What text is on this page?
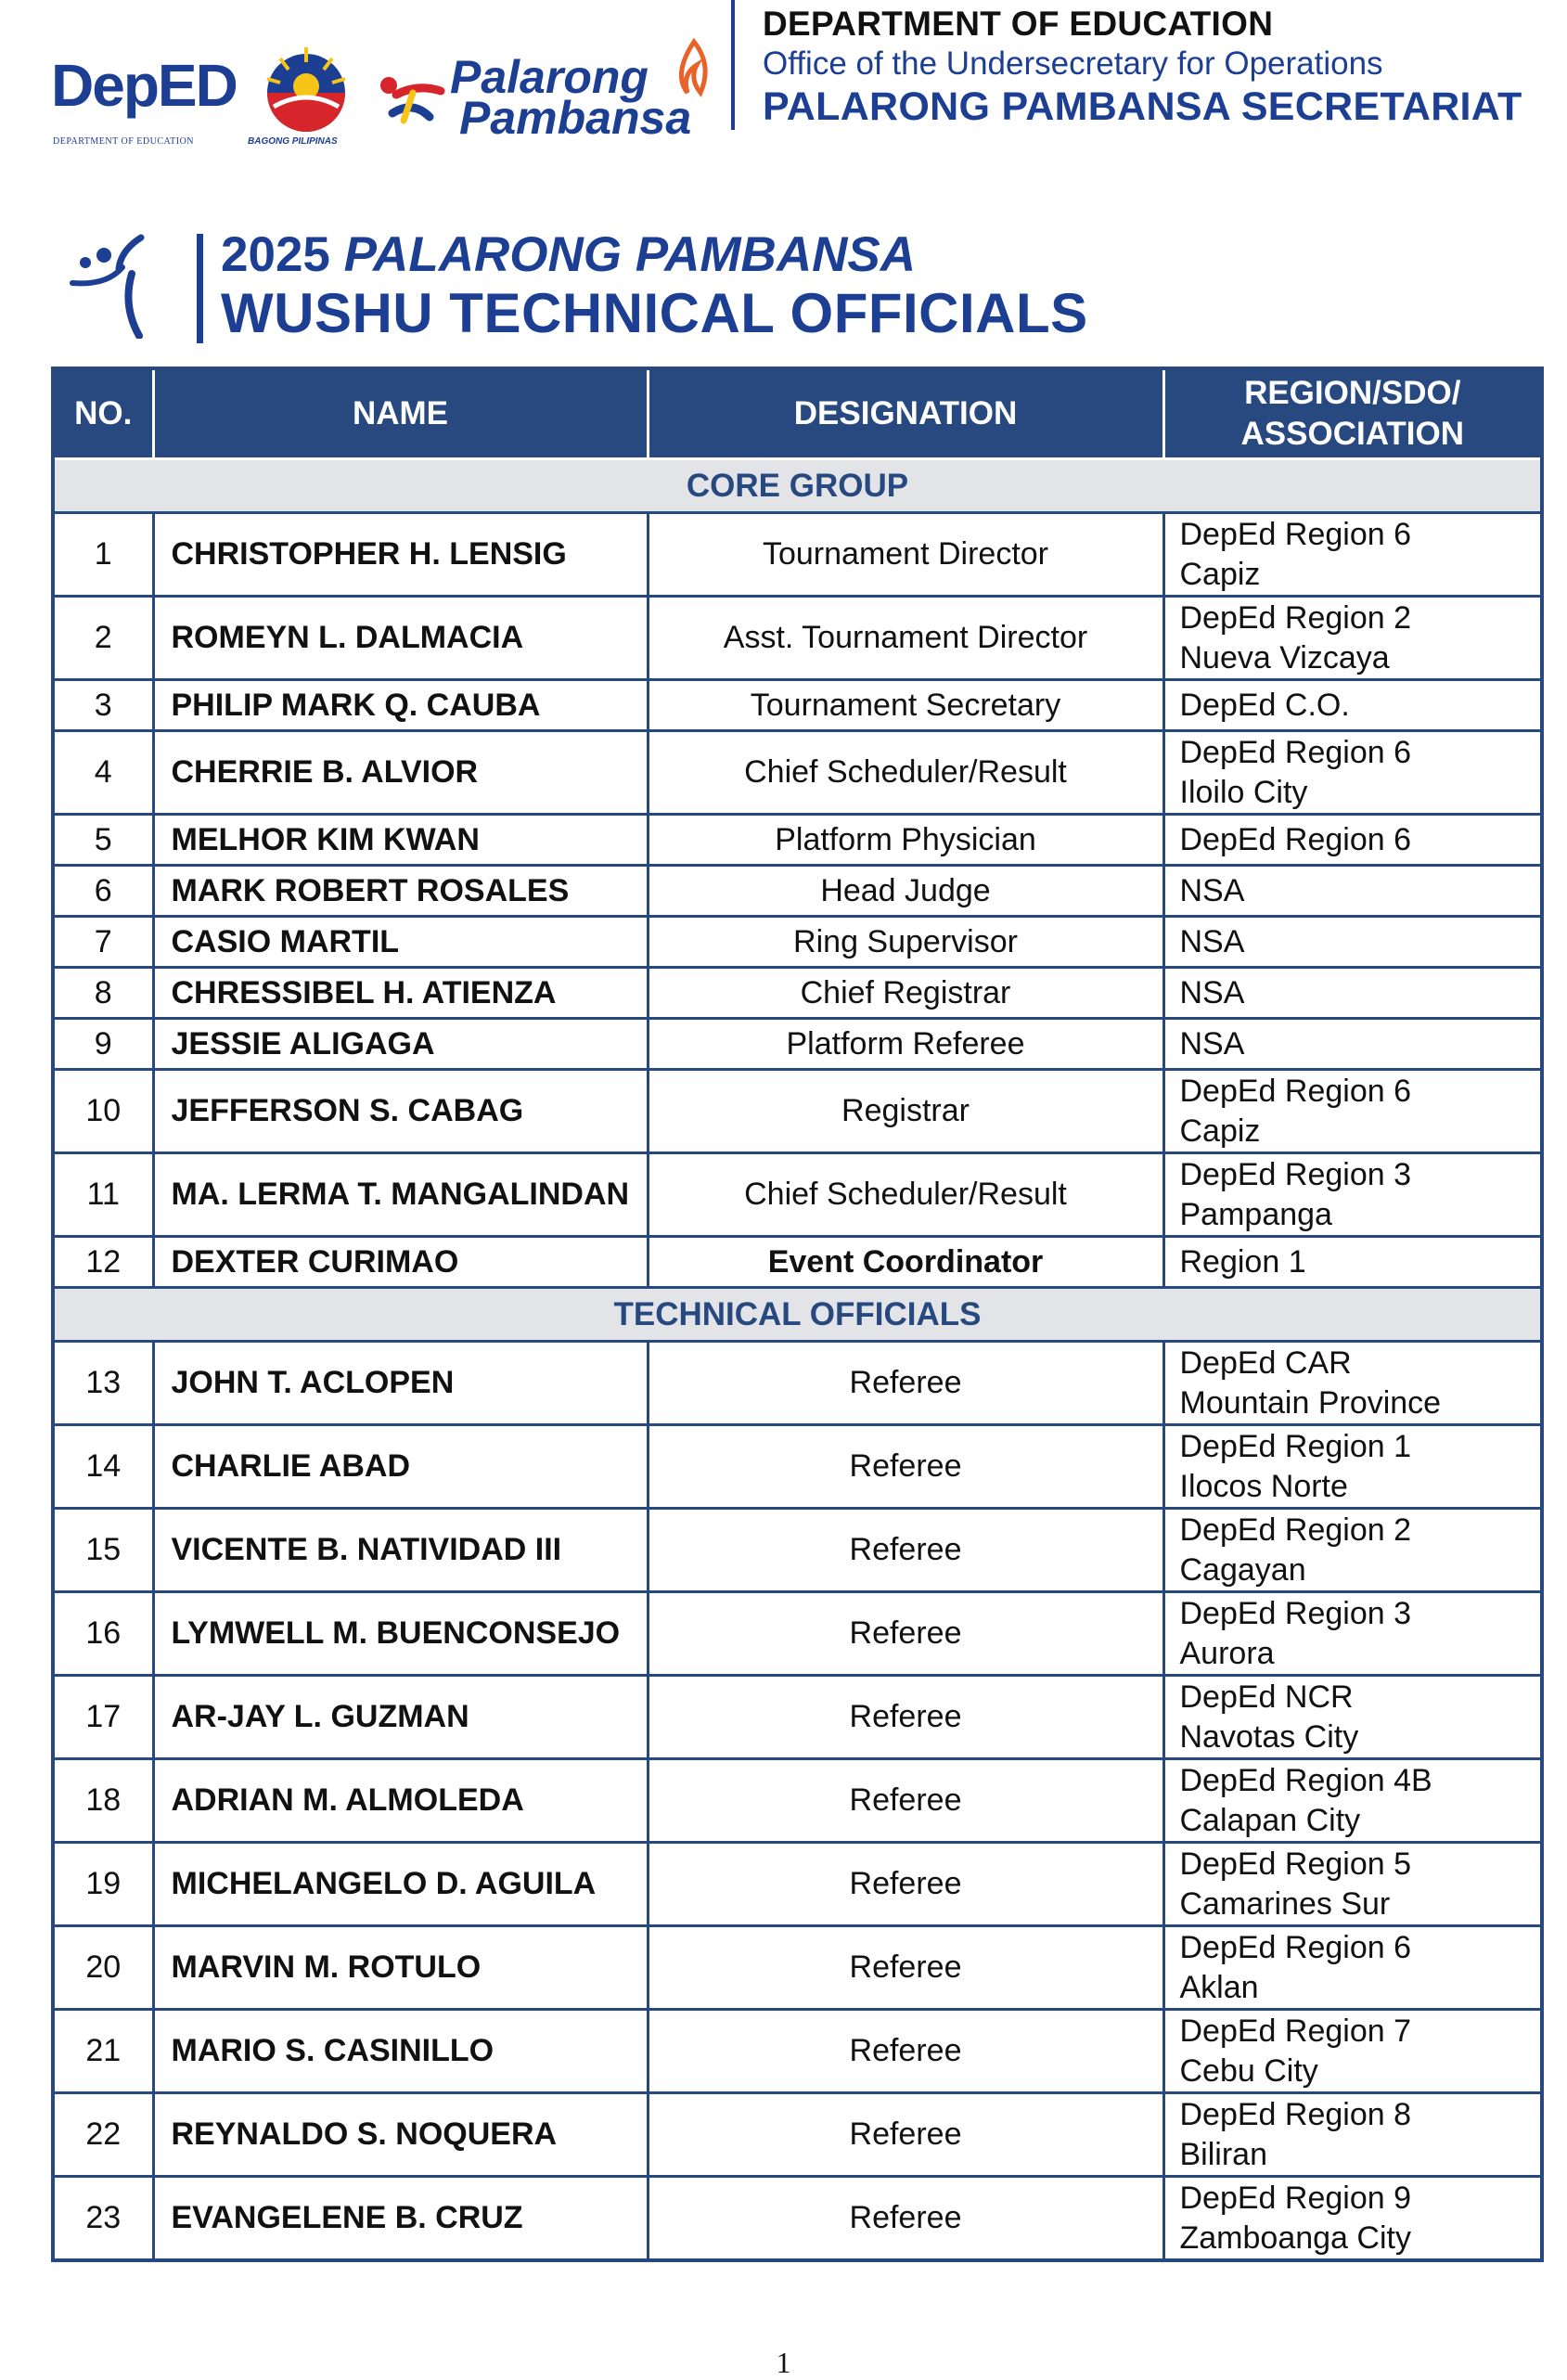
DepED
DEPARTMENT OF EDUCATION	BAGONG PILIPINAS
Palarong
Pambansa
DEPARTMENT OF EDUCATION
Office of the Undersecretary for Operations
PALARONG PAMBANSA SECRETARIAT
2025 PALARONG PAMBANSA
WUSHU TECHNICAL OFFICIALS
NO.	NAME	DESIGNATION	REGION/SDO/
ASSOCIATION

CORE GROUP			
1	CHRISTOPHER H. LENSIG	Tournament Director	DepEd Region 6
Capiz

2	ROMEYN L. DALMACIA	Asst. Tournament Director	DepEd Region 2
Nueva Vizcaya

3	PHILIP MARK Q. CAUBA	Tournament Secretary	DepEd C.O.

4	CHERRIE B. ALVIOR	Chief Scheduler/Result	DepEd Region 6
Iloilo City

5	MELHOR KIM KWAN	Platform Physician	DepEd Region 6

6	MARK ROBERT ROSALES	Head Judge	NSA

7	CASIO MARTIL	Ring Supervisor	NSA

8	CHRESSIBEL H. ATIENZA	Chief Registrar	NSA

9	JESSIE ALIGAGA	Platform Referee	NSA

10	JEFFERSON S. CABAG	Registrar	DepEd Region 6
Capiz

11	MA. LERMA T. MANGALINDAN	Chief Scheduler/Result	DepEd Region 3
Pampanga

12	DEXTER CURIMAO	Event Coordinator	Region 1

TECHNICAL OFFICIALS			
13	JOHN T. ACLOPEN	Referee	DepEd CAR
Mountain Province

14	CHARLIE ABAD	Referee	DepEd Region 1
Ilocos Norte

15	VICENTE B. NATIVIDAD III	Referee	DepEd Region 2
Cagayan

16	LYMWELL M. BUENCONSEJO	Referee	DepEd Region 3
Aurora

17	AR-JAY L. GUZMAN	Referee	DepEd NCR
Navotas City

18	ADRIAN M. ALMOLEDA	Referee	DepEd Region 4B
Calapan City

19	MICHELANGELO D. AGUILA	Referee	DepEd Region 5
Camarines Sur

20	MARVIN M. ROTULO	Referee	DepEd Region 6
Aklan

21	MARIO S. CASINILLO	Referee	DepEd Region 7
Cebu City

22	REYNALDO S. NOQUERA	Referee	DepEd Region 8
Biliran

23	EVANGELENE B. CRUZ	Referee	DepEd Region 9
Zamboanga City
1
